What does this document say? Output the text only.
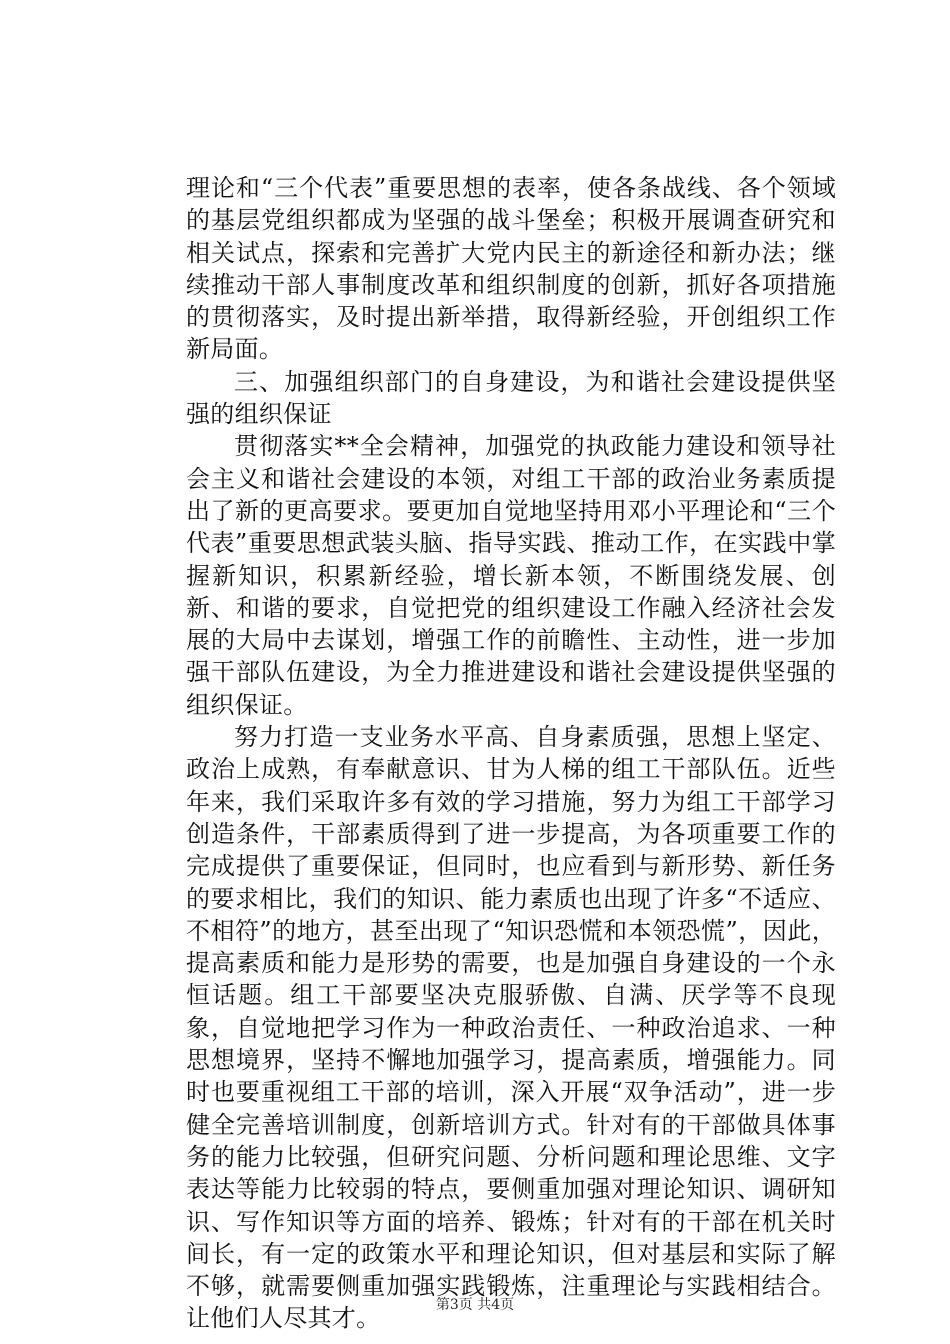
理论和“三个代表”重要思想的表率，使各条战线、各个领域的基层党组织都成为坚强的战斗堡垒；积极开展调查研究和相关试点，探索和完善扩大党内民主的新途径和新办法；继续推动干部人事制度改革和组织制度的创新，抓好各项措施的贯彻落实，及时提出新举措，取得新经验，开创组织工作新局面。

三、加强组织部门的自身建设，为和谐社会建设提供坚强的组织保证

贯彻落实**全会精神，加强党的执政能力建设和领导社会主义和谐社会建设的本领，对组工干部的政治业务素质提出了新的更高要求。要更加自觉地坚持用邓小平理论和“三个代表”重要思想武装头脑、指导实践、推动工作，在实践中掌握新知识，积累新经验，增长新本领，不断围绕发展、创新、和谐的要求，自觉把党的组织建设工作融入经济社会发展的大局中去谋划，增强工作的前瞻性、主动性，进一步加强干部队伍建设，为全力推进建设和谐社会建设提供坚强的组织保证。

努力打造一支业务水平高、自身素质强，思想上坚定、政治上成熟，有奉献意识、甘为人梯的组工干部队伍。近些年来，我们采取许多有效的学习措施，努力为组工干部学习创造条件，干部素质得到了进一步提高，为各项重要工作的完成提供了重要保证，但同时，也应看到与新形势、新任务的要求相比，我们的知识、能力素质也出现了许多“不适应、不相符”的地方，甚至出现了“知识恐慌和本领恐慌”，因此，提高素质和能力是形势的需要，也是加强自身建设的一个永恒话题。组工干部要坚决克服骄傲、自满、厌学等不良现象，自觉地把学习作为一种政治责任、一种政治追求、一种思想境界，坚持不懈地加强学习，提高素质，增强能力。同时也要重视组工干部的培训，深入开展“双争活动”，进一步健全完善培训制度，创新培训方式。针对有的干部做具体事务的能力比较强，但研究问题、分析问题和理论思维、文字表达等能力比较弱的特点，要侧重加强对理论知识、调研知识、写作知识等方面的培养、锻炼；针对有的干部在机关时间长，有一定的政策水平和理论知识，但对基层和实际了解不够，就需要侧重加强实践锻炼，注重理论与实践相结合。让他们人尽其才。	第3页 共4页
